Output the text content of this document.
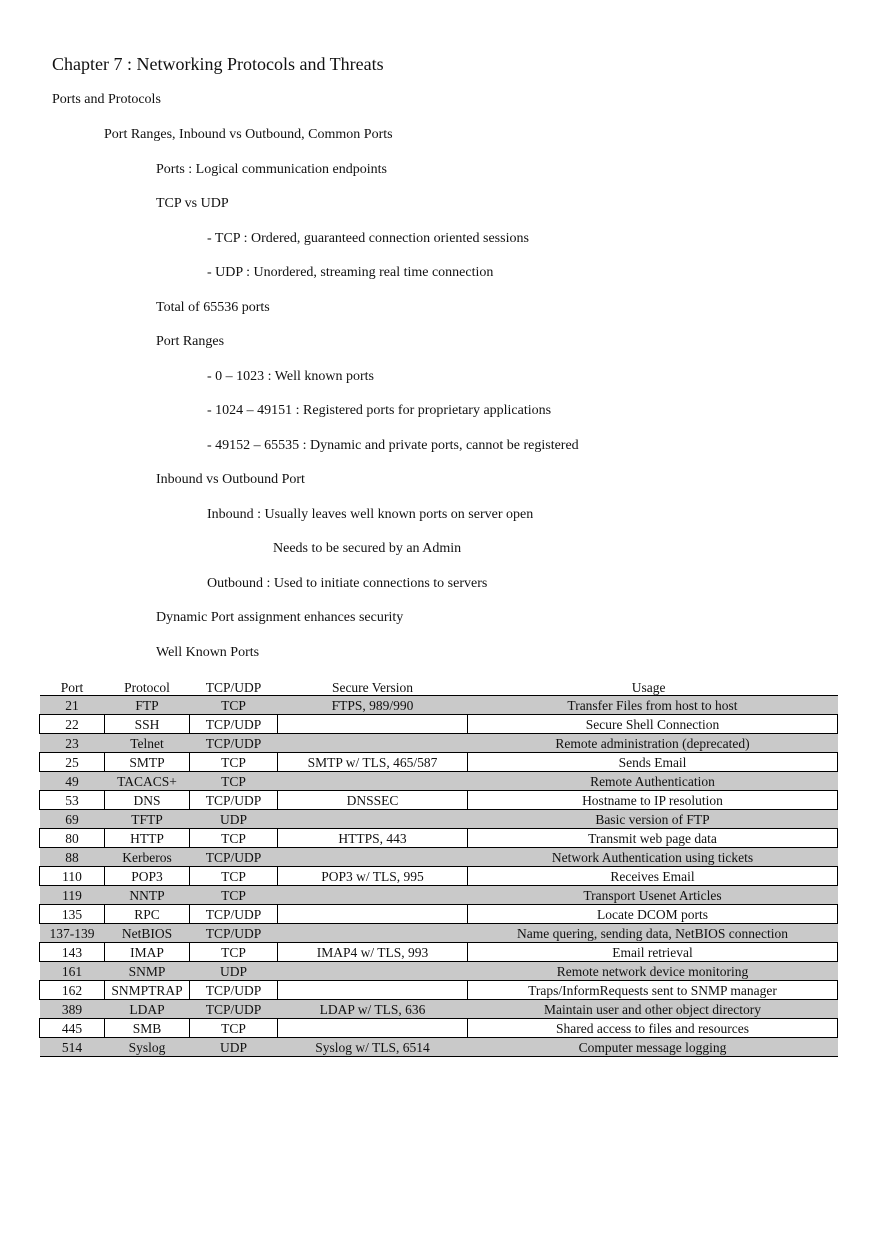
Chapter 7 : Networking Protocols and Threats
Ports and Protocols
Port Ranges, Inbound vs Outbound, Common Ports
Ports : Logical communication endpoints
TCP vs UDP
- TCP : Ordered, guaranteed connection oriented sessions
- UDP : Unordered, streaming real time connection
Total of 65536 ports
Port Ranges
- 0 – 1023 : Well known ports
- 1024 – 49151 : Registered ports for proprietary applications
- 49152 – 65535 : Dynamic and private ports, cannot be registered
Inbound vs Outbound Port
Inbound : Usually leaves well known ports on server open
Needs to be secured by an Admin
Outbound : Used to initiate connections to servers
Dynamic Port assignment enhances security
Well Known Ports
Port	Protocol	TCP/UDP	Secure Version	Usage
21	FTP	TCP	FTPS, 989/990	Transfer Files from host to host
22	SSH	TCP/UDP		Secure Shell Connection
23	Telnet	TCP/UDP		Remote administration (deprecated)
25	SMTP	TCP	SMTP w/ TLS, 465/587	Sends Email
49	TACACS+	TCP		Remote Authentication
53	DNS	TCP/UDP	DNSSEC	Hostname to IP resolution
69	TFTP	UDP		Basic version of FTP
80	HTTP	TCP	HTTPS, 443	Transmit web page data
88	Kerberos	TCP/UDP		Network Authentication using tickets
110	POP3	TCP	POP3 w/ TLS, 995	Receives Email
119	NNTP	TCP		Transport Usenet Articles
135	RPC	TCP/UDP		Locate DCOM ports
137-139	NetBIOS	TCP/UDP		Name quering, sending data, NetBIOS connection
143	IMAP	TCP	IMAP4 w/ TLS, 993	Email retrieval
161	SNMP	UDP		Remote network device monitoring
162	SNMPTRAP	TCP/UDP		Traps/InformRequests sent to SNMP manager
389	LDAP	TCP/UDP	LDAP w/ TLS, 636	Maintain user and other object directory
445	SMB	TCP		Shared access to files and resources
514	Syslog	UDP	Syslog w/ TLS, 6514	Computer message logging
